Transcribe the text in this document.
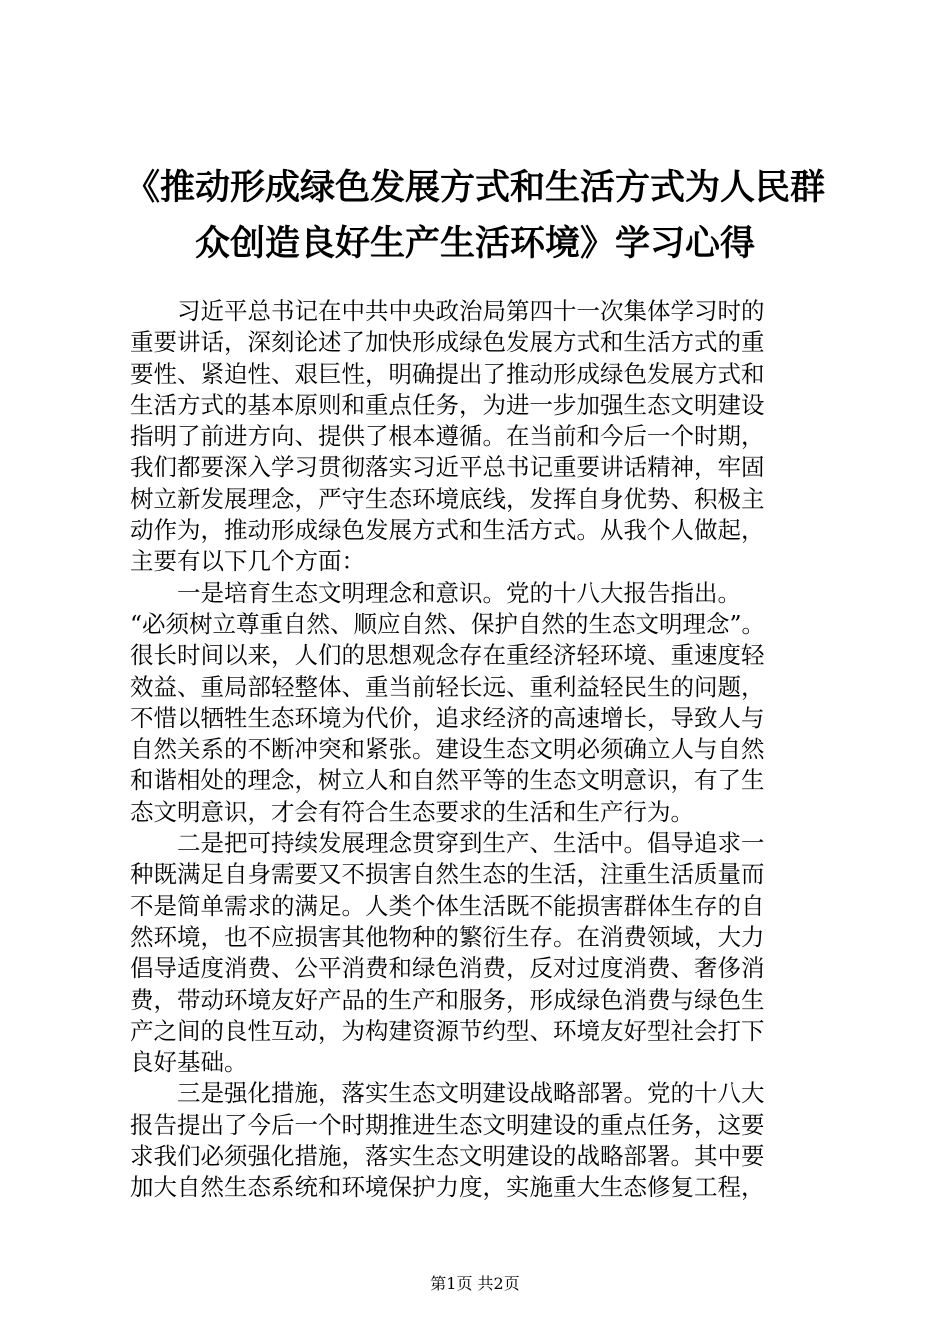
《推动形成绿色发展方式和生活方式为人民群
众创造良好生产生活环境》学习心得
　　习近平总书记在中共中央政治局第四十一次集体学习时的
重要讲话，深刻论述了加快形成绿色发展方式和生活方式的重
要性、紧迫性、艰巨性，明确提出了推动形成绿色发展方式和
生活方式的基本原则和重点任务，为进一步加强生态文明建设
指明了前进方向、提供了根本遵循。在当前和今后一个时期，
我们都要深入学习贯彻落实习近平总书记重要讲话精神，牢固
树立新发展理念，严守生态环境底线，发挥自身优势、积极主
动作为，推动形成绿色发展方式和生活方式。从我个人做起，
主要有以下几个方面：
　　一是培育生态文明理念和意识。党的十八大报告指出。
“必须树立尊重自然、顺应自然、保护自然的生态文明理念”。
很长时间以来，人们的思想观念存在重经济轻环境、重速度轻
效益、重局部轻整体、重当前轻长远、重利益轻民生的问题，
不惜以牺牲生态环境为代价，追求经济的高速增长，导致人与
自然关系的不断冲突和紧张。建设生态文明必须确立人与自然
和谐相处的理念，树立人和自然平等的生态文明意识，有了生
态文明意识，才会有符合生态要求的生活和生产行为。
　　二是把可持续发展理念贯穿到生产、生活中。倡导追求一
种既满足自身需要又不损害自然生态的生活，注重生活质量而
不是简单需求的满足。人类个体生活既不能损害群体生存的自
然环境，也不应损害其他物种的繁衍生存。在消费领域，大力
倡导适度消费、公平消费和绿色消费，反对过度消费、奢侈消
费，带动环境友好产品的生产和服务，形成绿色消费与绿色生
产之间的良性互动，为构建资源节约型、环境友好型社会打下
良好基础。
　　三是强化措施，落实生态文明建设战略部署。党的十八大
报告提出了今后一个时期推进生态文明建设的重点任务，这要
求我们必须强化措施，落实生态文明建设的战略部署。其中要
加大自然生态系统和环境保护力度，实施重大生态修复工程，
第1页 共2页
